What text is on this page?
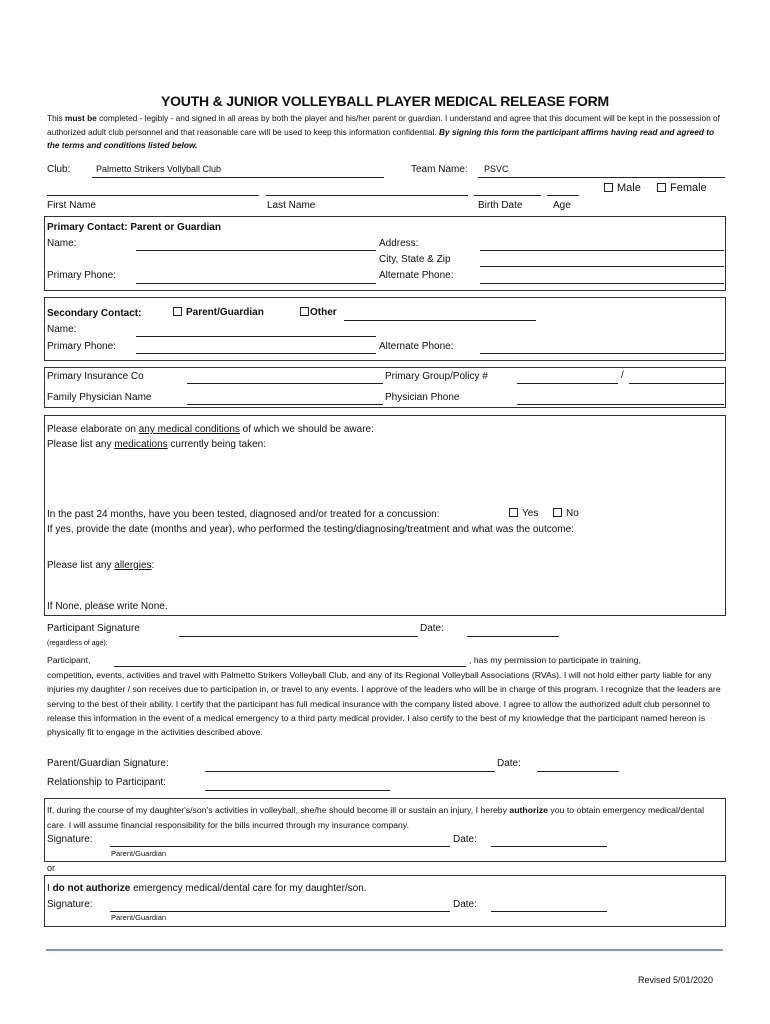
YOUTH & JUNIOR VOLLEYBALL PLAYER MEDICAL RELEASE FORM
This must be completed - legibly - and signed in all areas by both the player and his/her parent or guardian. I understand and agree that this document will be kept in the possession of authorized adult club personnel and that reasonable care will be used to keep this information confidential. By signing this form the participant affirms having read and agreed to the terms and conditions listed below.
Club:	Palmetto Strikers Vollyball Club	Team Name: PSVC
Male	Female
First Name	Last Name	Birth Date	Age
Primary Contact: Parent or Guardian
Name:	Address:
City, State & Zip
Primary Phone:	Alternate Phone:
Secondary Contact:	Parent/Guardian	Other
Name:
Primary Phone:	Alternate Phone:
Primary Insurance Co	Primary Group/Policy #	/
Family Physician Name	Physician Phone
Please elaborate on any medical conditions of which we should be aware:
Please list any medications currently being taken:
In the past 24 months, have you been tested, diagnosed and/or treated for a concussion:	Yes	No
If yes, provide the date (months and year), who performed the testing/diagnosing/treatment and what was the outcome:
Please list any allergies:
If None, please write None.
Participant Signature	Date:
(regardless of age):
Participant,	, has my permission to participate in training,
competition, events, activities and travel with Palmetto Strikers Volleyball Club, and any of its Regional Volleyball Associations (RVAs). I will not hold either party liable for any injuries my daughter / son receives due to participation in, or travel to any events. I approve of the leaders who will be in charge of this program. I recognize that the leaders are serving to the best of their ability. I certify that the participant has full medical insurance with the company listed above. I agree to allow the authorized adult club personnel to release this information in the event of a medical emergency to a third party medical provider. I also certify to the best of my knowledge that the participant named hereon is physically fit to engage in the activities described above.
Parent/Guardian Signature:	Date:
Relationship to Participant:
If, during the course of my daughter's/son's activities in volleyball, she/he should become ill or sustain an injury, I hereby authorize you to obtain emergency medical/dental care. I will assume financial responsibility for the bills incurred through my insurance company.
Signature:	Date:
Parent/Guardian
or
I do not authorize emergency medical/dental care for my daughter/son.
Signature:	Date:
Parent/Guardian
Revised 5/01/2020
